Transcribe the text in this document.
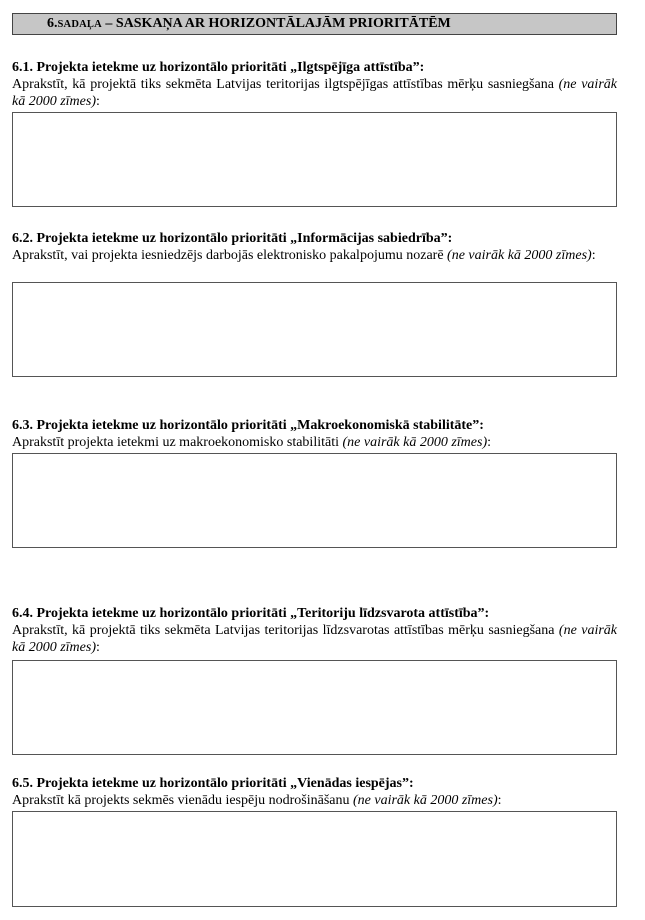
6.SADAĻA – SASKAŅA AR HORIZONTĀLAJĀM PRIORITĀTĒM

6.1. Projekta ietekme uz horizontālo prioritāti „Ilgtspējīga attīstība”:

Aprakstīt, kā projektā tiks sekmēta Latvijas teritorijas ilgtspējīgas attīstības mērķu sasniegšana (ne vairāk kā 2000 zīmes):

6.2. Projekta ietekme uz horizontālo prioritāti „Informācijas sabiedrība”:

Aprakstīt, vai projekta iesniedzējs darbojās elektronisko pakalpojumu nozarē (ne vairāk kā 2000 zīmes):

6.3. Projekta ietekme uz horizontālo prioritāti „Makroekonomiskā stabilitāte”:

Aprakstīt projekta ietekmi uz makroekonomisko stabilitāti (ne vairāk kā 2000 zīmes):

6.4. Projekta ietekme uz horizontālo prioritāti „Teritoriju līdzsvarota attīstība”:

Aprakstīt, kā projektā tiks sekmēta Latvijas teritorijas līdzsvarotas attīstības mērķu sasniegšana (ne vairāk kā 2000 zīmes):

6.5. Projekta ietekme uz horizontālo prioritāti „Vienādas iespējas”:

Aprakstīt kā projekts sekmēs vienādu iespēju nodrošināšanu (ne vairāk kā 2000 zīmes):
